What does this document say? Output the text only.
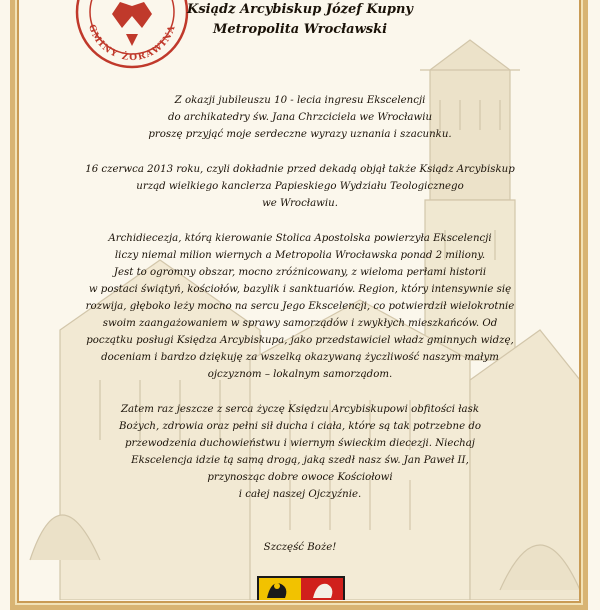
GMINY ŻORAWINA
Ksiądz Arcybiskup Józef Kupny
Metropolita Wrocławski
Z okazji jubileuszu 10 - lecia ingresu Ekscelencji
do archikatedry św. Jana Chrzciciela we Wrocławiu
proszę przyjąć moje serdeczne wyrazy uznania i szacunku.
16 czerwca 2013 roku, czyli dokładnie przed dekadą objął także Ksiądz Arcybiskup
urząd wielkiego kanclerza Papieskiego Wydziału Teologicznego
we Wrocławiu.
Archidiecezja, którą kierowanie Stolica Apostolska powierzyła Ekscelencji
liczy niemal milion wiernych a Metropolia Wrocławska ponad 2 miliony.
Jest to ogromny obszar, mocno zróżnicowany, z wieloma perłami historii
w postaci świątyń, kościołów, bazylik i sanktuariów. Region, który intensywnie się
rozwija, głęboko leży mocno na sercu Jego Ekscelencji, co potwierdził wielokrotnie
swoim zaangażowaniem w sprawy samorządów i zwykłych mieszkańców. Od
początku posługi Księdza Arcybiskupa, jako przedstawiciel władz gminnych widzę,
doceniam i bardzo dziękuję za wszelką okazywaną życzliwość naszym małym
ojczyznom – lokalnym samorządom.
Zatem raz jeszcze z serca życzę Księdzu Arcybiskupowi obfitości łask
Bożych, zdrowia oraz pełni sił ducha i ciała, które są tak potrzebne do
przewodzenia duchowieństwu i wiernym świeckim diecezji. Niechaj
Ekscelencja idzie tą samą drogą, jaką szedł nasz św. Jan Paweł II,
przynosząc dobre owoce Kościołowi
i całej naszej Ojczyźnie.
Szczęść Boże!
